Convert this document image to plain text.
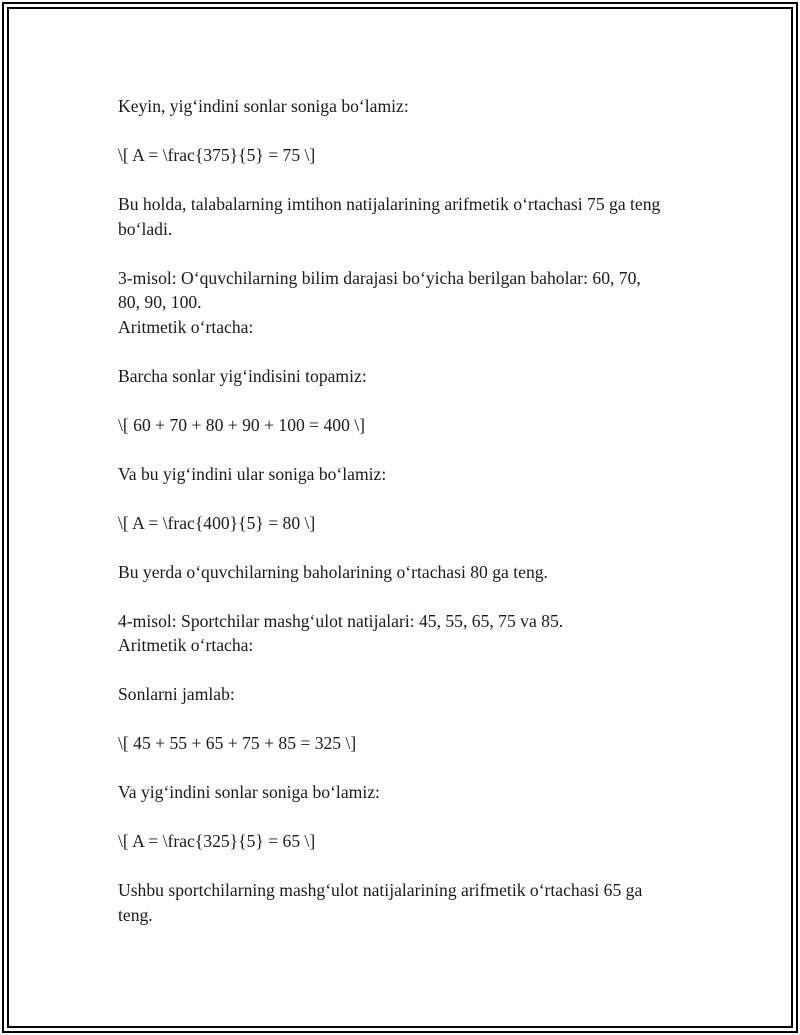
Keyin, yig‘indini sonlar soniga bo‘lamiz:

\[ A = \frac{375}{5} = 75 \]

Bu holda, talabalarning imtihon natijalarining arifmetik o‘rtachasi 75 ga teng
bo‘ladi.

3-misol: O‘quvchilarning bilim darajasi bo‘yicha berilgan baholar: 60, 70,
80, 90, 100.
Aritmetik o‘rtacha:

Barcha sonlar yig‘indisini topamiz:

\[ 60 + 70 + 80 + 90 + 100 = 400 \]

Va bu yig‘indini ular soniga bo‘lamiz:

\[ A = \frac{400}{5} = 80 \]

Bu yerda o‘quvchilarning baholarining o‘rtachasi 80 ga teng.

4-misol: Sportchilar mashg‘ulot natijalari: 45, 55, 65, 75 va 85.
Aritmetik o‘rtacha:

Sonlarni jamlab:

\[ 45 + 55 + 65 + 75 + 85 = 325 \]

Va yig‘indini sonlar soniga bo‘lamiz:

\[ A = \frac{325}{5} = 65 \]

Ushbu sportchilarning mashg‘ulot natijalarining arifmetik o‘rtachasi 65 ga
teng.
